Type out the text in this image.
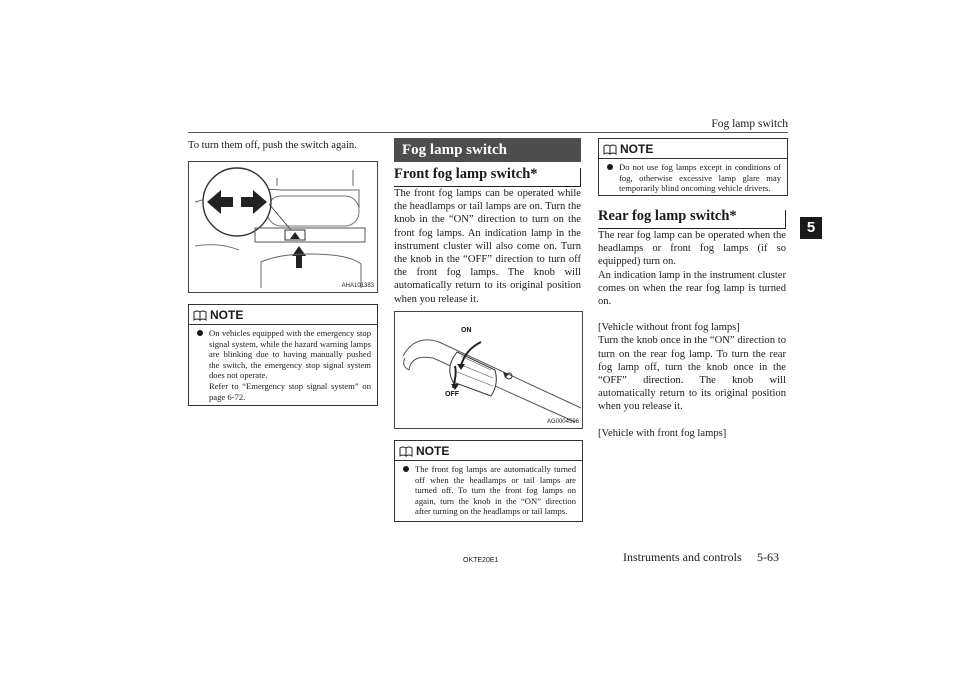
Fog lamp switch
5
To turn them off, push the switch again.
AHA101383
NOTE
On vehicles equipped with the emergency stop signal system, while the hazard warning lamps are blinking due to having manually pushed the switch, the emergency stop signal system does not operate.
Refer to “Emergency stop signal system” on page 6-72.
Fog lamp switch
Front fog lamp switch*
The front fog lamps can be operated while the headlamps or tail lamps are on. Turn the knob in the “ON” direction to turn on the front fog lamps. An indication lamp in the instrument cluster will also come on. Turn the knob in the “OFF” direction to turn off the front fog lamps. The knob will automatically return to its original position when you release it.
ON
OFF
AG0004596
NOTE
The front fog lamps are automatically turned off when the headlamps or tail lamps are turned off. To turn the front fog lamps on again, turn the knob in the “ON” direction after turning on the headlamps or tail lamps.
NOTE
Do not use fog lamps except in conditions of fog, otherwise excessive lamp glare may temporarily blind oncoming vehicle drivers.
Rear fog lamp switch*
The rear fog lamp can be operated when the headlamps or front fog lamps (if so equipped) turn on.
An indication lamp in the instrument cluster comes on when the rear fog lamp is turned on.
[Vehicle without front fog lamps]
Turn the knob once in the “ON” direction to turn on the rear fog lamp. To turn the rear fog lamp off, turn the knob once in the “OFF” direction. The knob will automatically return to its original position when you release it.
[Vehicle with front fog lamps]
OKTE20E1	Instruments and controls 5-63
